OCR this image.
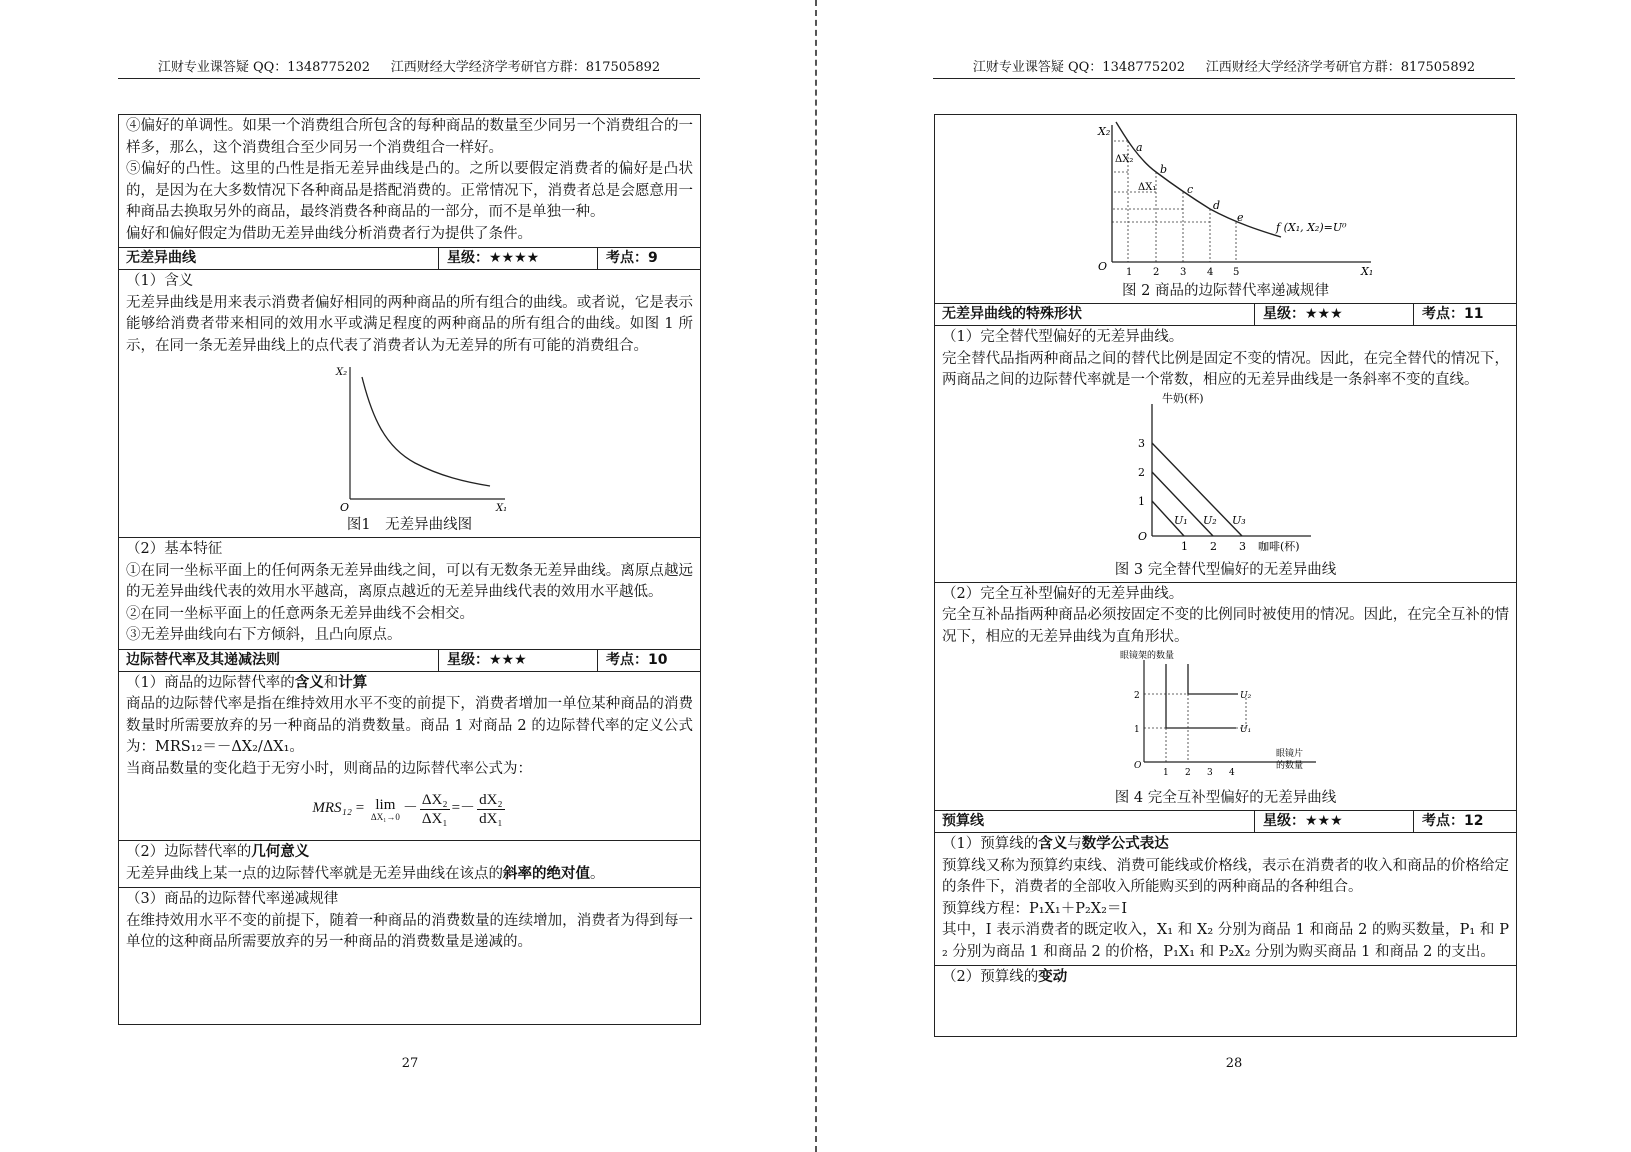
江财专业课答疑 QQ：1348775202 江西财经大学经济学考研官方群：817505892

④偏好的单调性。如果一个消费组合所包含的每种商品的数量至少同另一个消费组合的一样多，那么，这个消费组合至少同另一个消费组合一样好。

⑤偏好的凸性。这里的凸性是指无差异曲线是凸的。之所以要假定消费者的偏好是凸状的，是因为在大多数情况下各种商品是搭配消费的。正常情况下，消费者总是会愿意用一种商品去换取另外的商品，最终消费各种商品的一部分，而不是单独一种。

偏好和偏好假定为借助无差异曲线分析消费者行为提供了条件。

无差异曲线	星级：★★★★	考点：9

（1）含义

无差异曲线是用来表示消费者偏好相同的两种商品的所有组合的曲线。或者说，它是表示能够给消费者带来相同的效用水平或满足程度的两种商品的所有组合的曲线。如图 1 所示，在同一条无差异曲线上的点代表了消费者认为无差异的所有可能的消费组合。

X₂
O	X₁
图1　无差异曲线图

（2）基本特征

①在同一坐标平面上的任何两条无差异曲线之间，可以有无数条无差异曲线。离原点越远的无差异曲线代表的效用水平越高，离原点越近的无差异曲线代表的效用水平越低。

②在同一坐标平面上的任意两条无差异曲线不会相交。

③无差异曲线向右下方倾斜，且凸向原点。

边际替代率及其递减法则	星级：★★★	考点：10

（1）商品的边际替代率的含义和计算

商品的边际替代率是指在维持效用水平不变的前提下，消费者增加一单位某种商品的消费数量时所需要放弃的另一种商品的消费数量。商品 1 对商品 2 的边际替代率的定义公式为：MRS₁₂＝－ΔX₂/ΔX₁。

当商品数量的变化趋于无穷小时，则商品的边际替代率公式为：

MRS₁₂ = lim
ΔX₁→0
－ $\frac{\text{ΔX₂}}{\text{ΔX₁}} =- \frac{\text{dX₂}}{\text{dX₁}}$

（2）边际替代率的几何意义

无差异曲线上某一点的边际替代率就是无差异曲线在该点的斜率的绝对值。

（3）商品的边际替代率递减规律

在维持效用水平不变的前提下，随着一种商品的消费数量的连续增加，消费者为得到每一单位的这种商品所需要放弃的另一种商品的消费数量是递减的。

27
江财专业课答疑 QQ：1348775202 江西财经大学经济学考研官方群：817505892
X₂
O
a
b
c
d
e
ΔX₂
ΔX₁
1 2 3 4 5
f (X₁, X₂)=U⁰
X₁
图 2 商品的边际替代率递减规律
无差异曲线的特殊形状	星级：★★★	考点：11

（1）完全替代型偏好的无差异曲线。

完全替代品指两种商品之间的替代比例是固定不变的情况。因此，在完全替代的情况下，两商品之间的边际替代率就是一个常数，相应的无差异曲线是一条斜率不变的直线。

牛奶(杯)
3
2
1
O
1 2 3 咖啡(杯)
U₁ U₂ U₃
图 3 完全替代型偏好的无差异曲线

（2）完全互补型偏好的无差异曲线。

完全互补品指两种商品必须按固定不变的比例同时被使用的情况。因此，在完全互补的情况下，相应的无差异曲线为直角形状。

眼镜架的数量
2
1
O
1 2 3 4
U₁
U₂
眼镜片
的数量
图 4 完全互补型偏好的无差异曲线
预算线	星级：★★★	考点：12

（1）预算线的含义与数学公式表达

预算线又称为预算约束线、消费可能线或价格线，表示在消费者的收入和商品的价格给定的条件下，消费者的全部收入所能购买到的两种商品的各种组合。

预算线方程：P₁X₁＋P₂X₂＝I

其中，I 表示消费者的既定收入，X₁ 和 X₂ 分别为商品 1 和商品 2 的购买数量，P₁ 和 P₂ 分别为商品 1 和商品 2 的价格，P₁X₁ 和 P₂X₂ 分别为购买商品 1 和商品 2 的支出。

（2）预算线的变动

28
